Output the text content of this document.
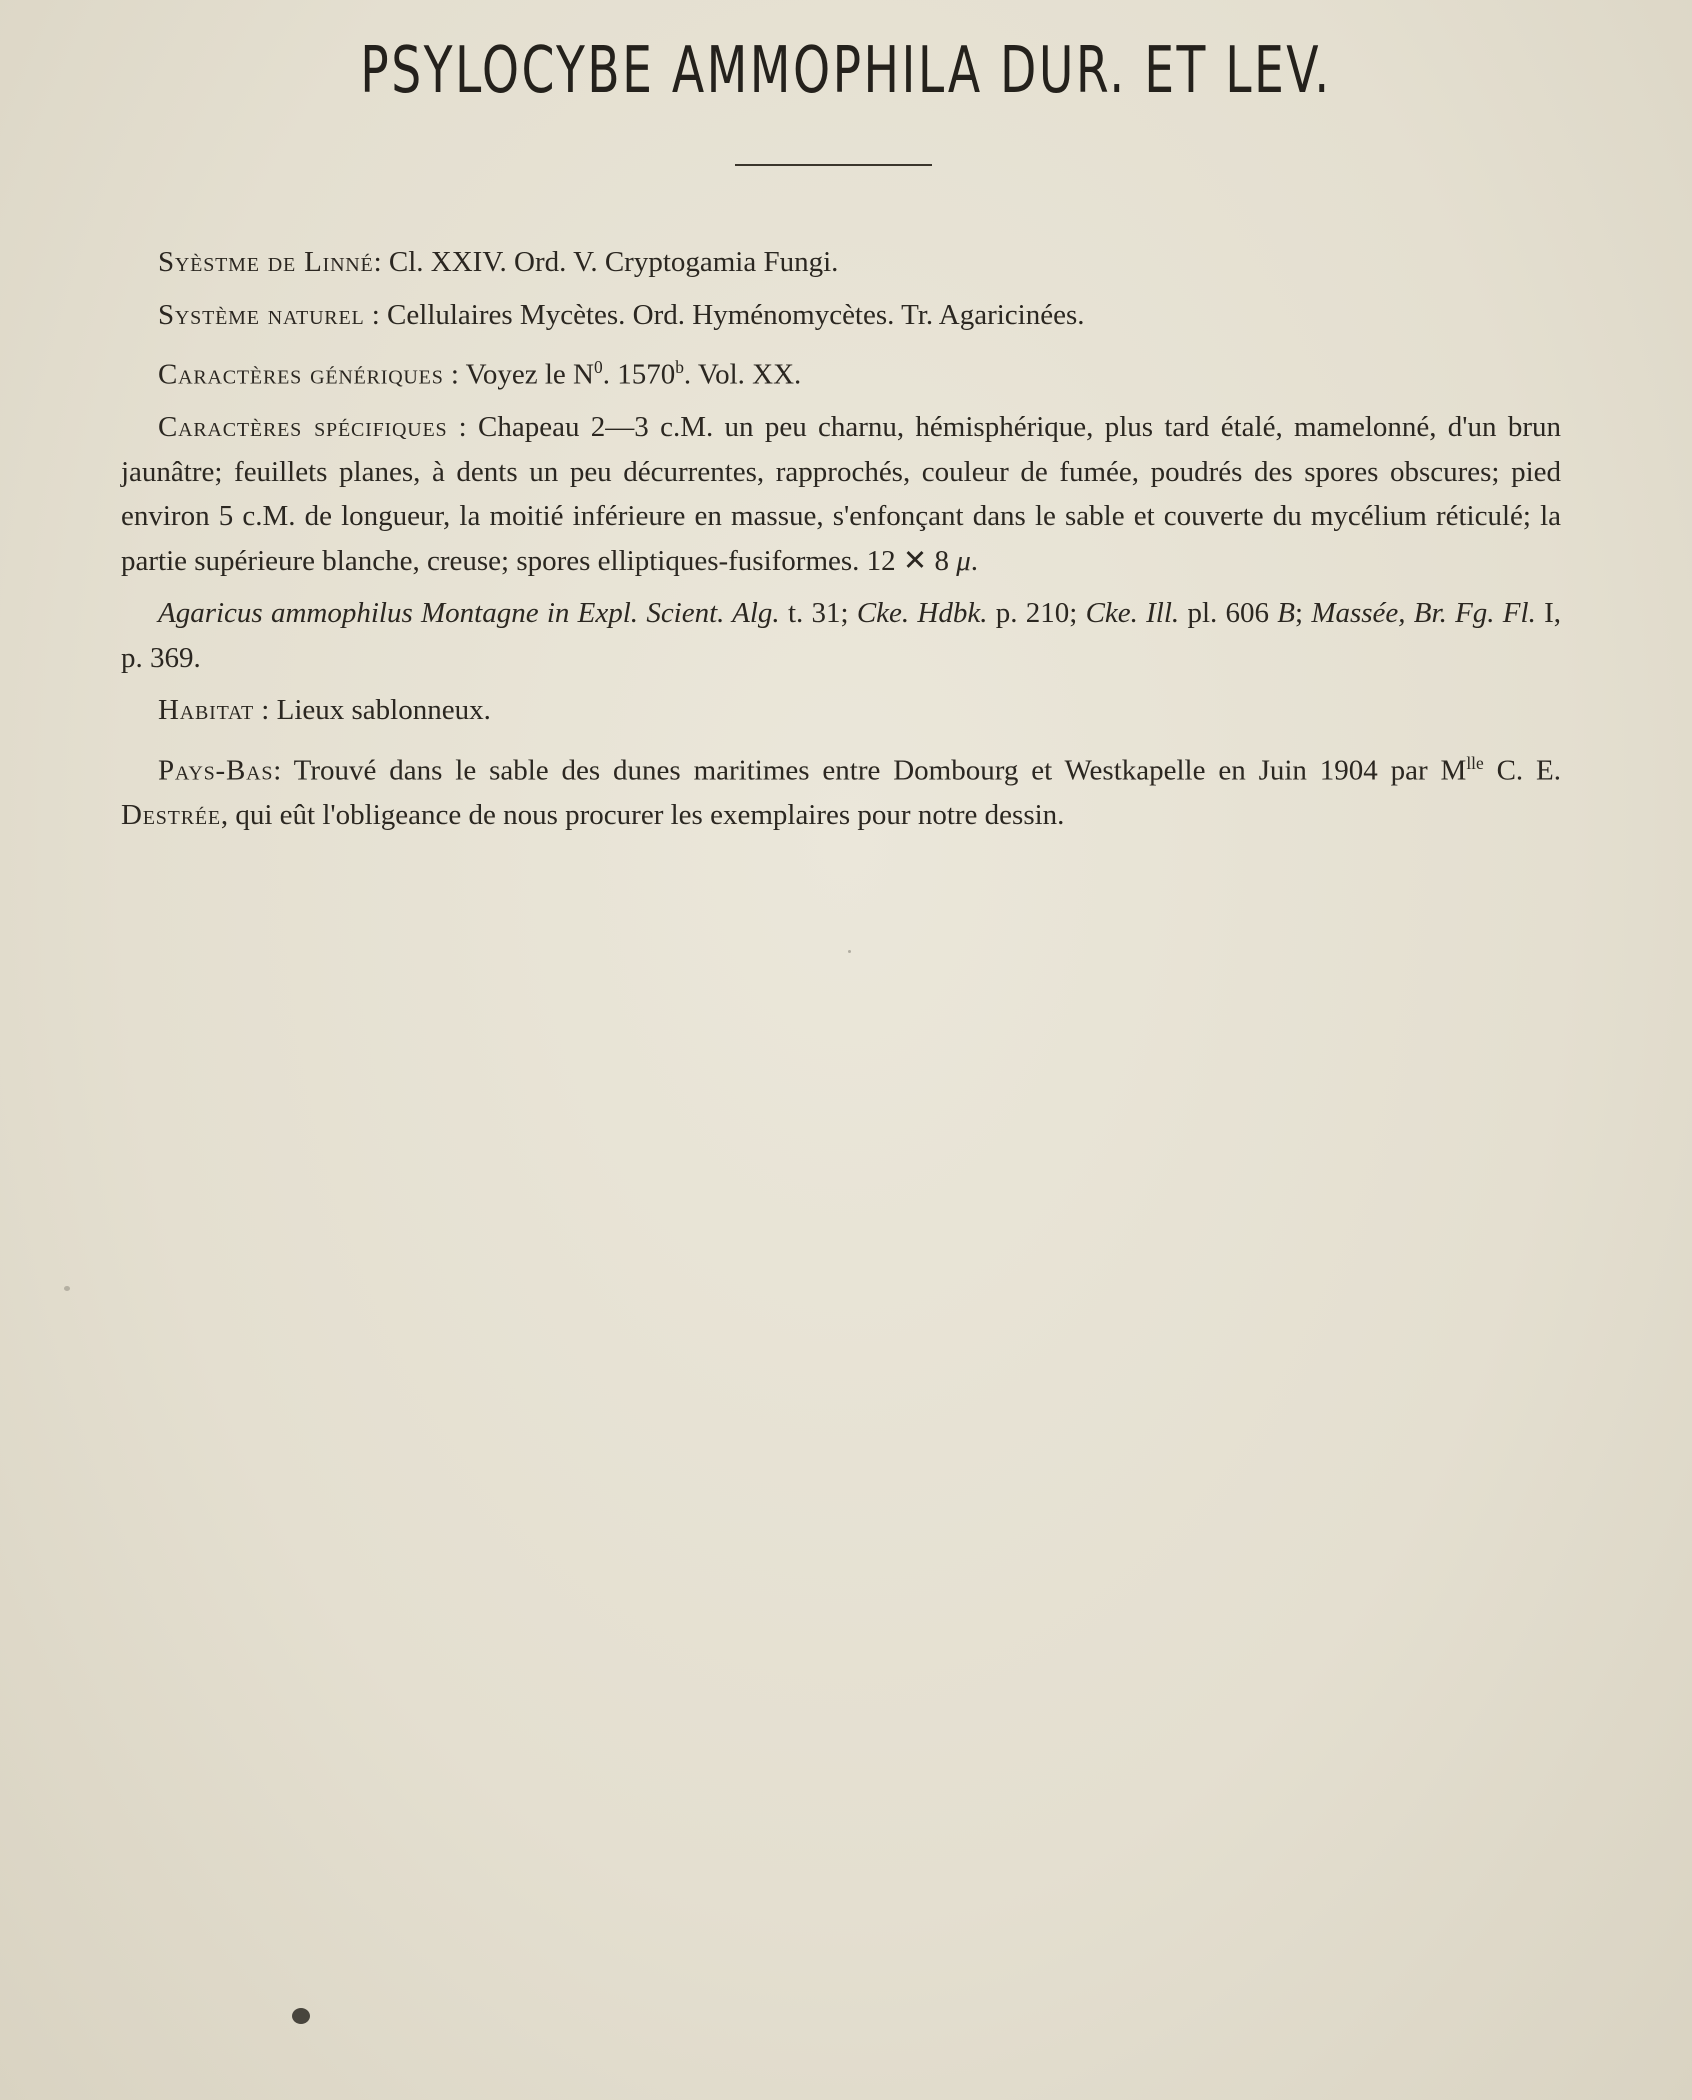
PSYLOCYBE AMMOPHILA DUR. ET LEV.

Syèstme de Linné: Cl. XXIV. Ord. V. Cryptogamia Fungi.

Système naturel : Cellulaires Mycètes. Ord. Hyménomycètes. Tr. Agaricinées.

Caractères génériques : Voyez le $N^0$. 1570$^b$. Vol. XX.

Caractères spécifiques : Chapeau 2—3 c.M. un peu charnu, hémisphérique, plus tard étalé, mamelonné, d'un brun jaunâtre; feuillets planes, à dents un peu décurrentes, rapprochés, couleur de fumée, poudrés des spores obscures; pied environ 5 c.M. de longueur, la moitié inférieure en massue, s'enfonçant dans le sable et couverte du mycélium réticulé; la partie supérieure blanche, creuse; spores elliptiques-fusiformes. 12 ✕ 8 μ.

Agaricus ammophilus Montagne in Expl. Scient. Alg. t. 31; Cke. Hdbk. p. 210; Cke. Ill. pl. 606 B; Massée, Br. Fg. Fl. I, p. 369.

Habitat : Lieux sablonneux.

Pays-Bas: Trouvé dans le sable des dunes maritimes entre Dombourg et Westkapelle en Juin 1904 par $M^{lle}$ C. E. Destrée, qui eût l'obligeance de nous procurer les exemplaires pour notre dessin.
